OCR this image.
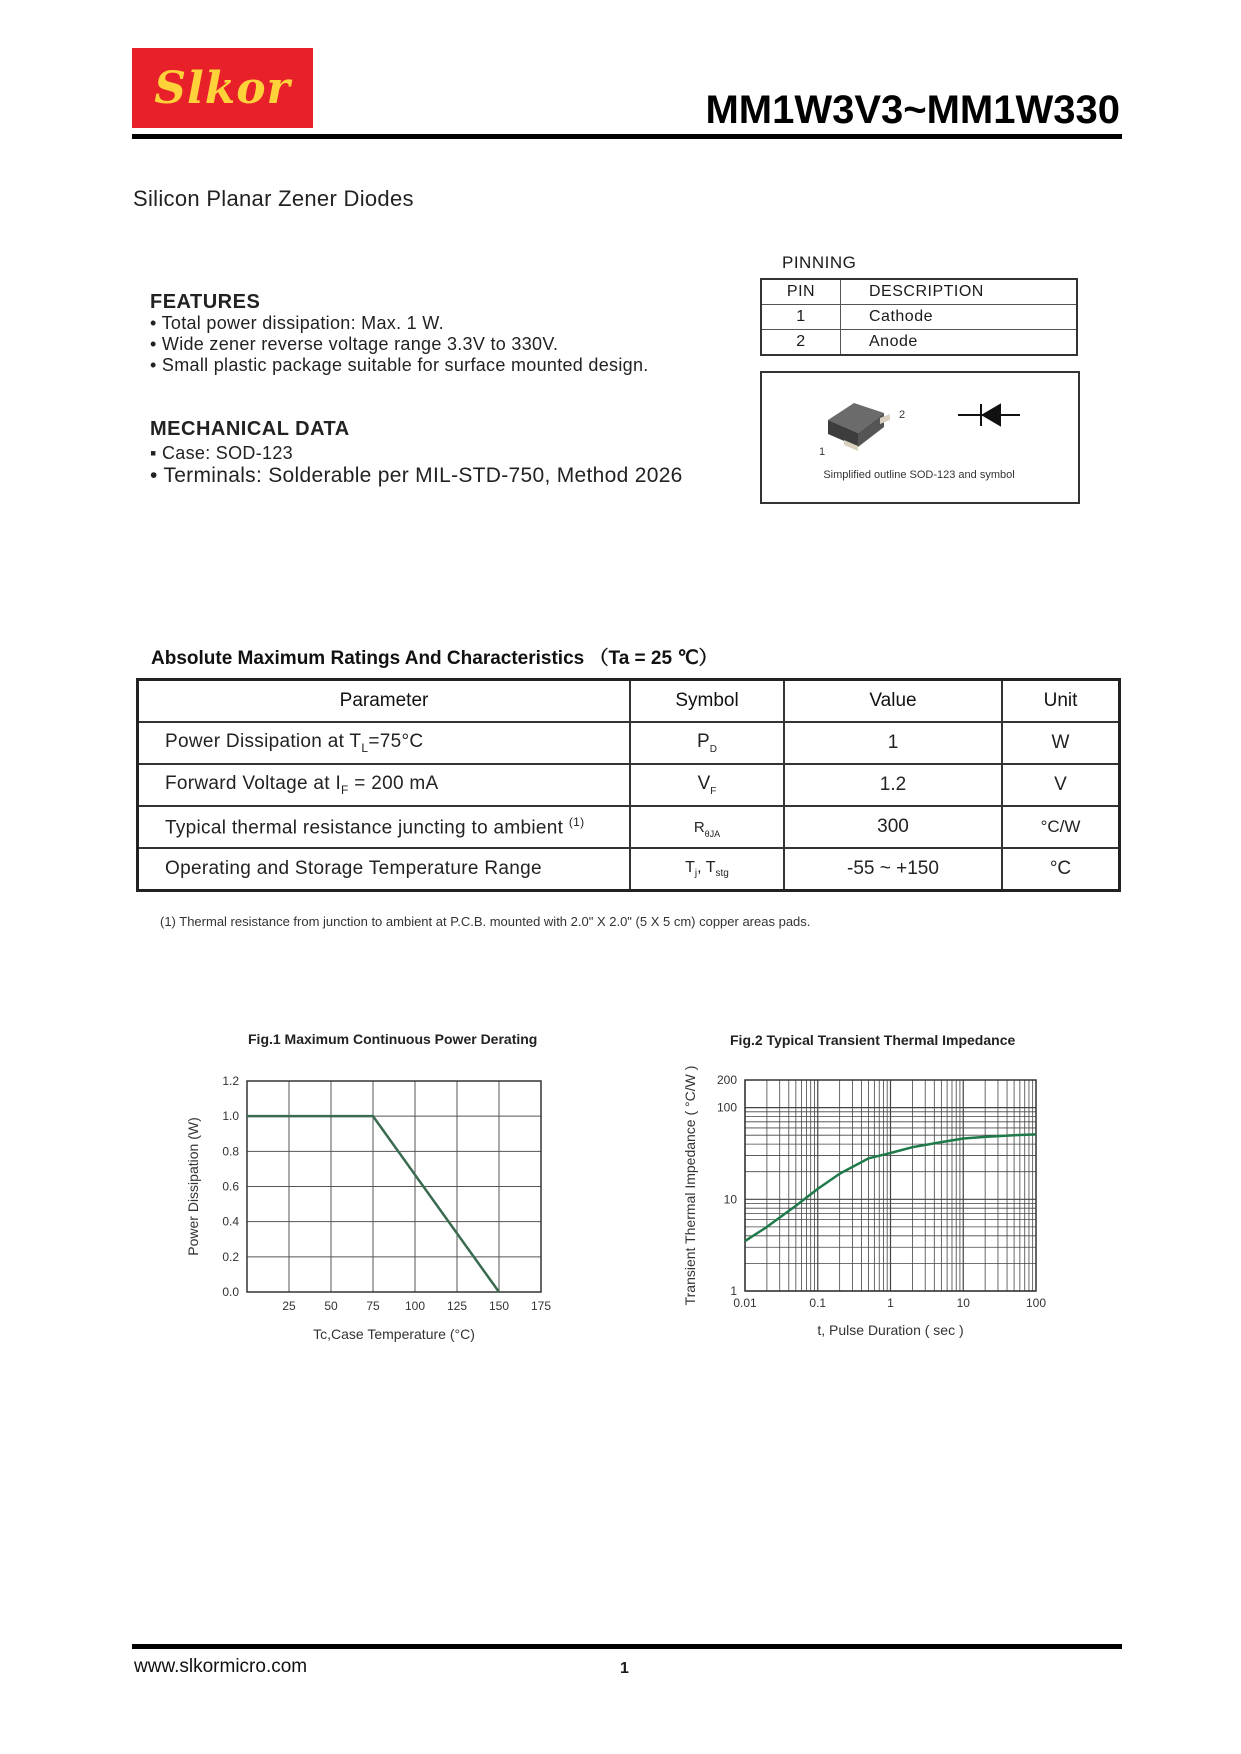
Slkor	MM1W3V3~MM1W330
Silicon Planar Zener Diodes
FEATURES
• Total power dissipation: Max. 1 W.
• Wide zener reverse voltage range 3.3V to 330V.
• Small plastic package suitable for surface mounted design.
MECHANICAL DATA
▪ Case: SOD-123
• Terminals: Solderable per MIL-STD-750, Method 2026
PINNING
PIN	DESCRIPTION
1	Cathode
2	Anode
2
1
Simplified outline SOD-123 and symbol
Absolute Maximum Ratings And Characteristics （Ta = 25 ℃）
Parameter	Symbol	Value	Unit
Power Dissipation at $T_L=75^\circ C$	$P_D$	1	W
Forward Voltage at $I_F = 200$ mA	$V_F$	1.2	V
Typical thermal resistance juncting to ambient $^{(1)}$	$R_{\theta JA}$	300	°C/W
Operating and Storage Temperature Range	$T_j$, $T_{stg}$	-55 ~ +150	°C
(1) Thermal resistance from junction to ambient at P.C.B. mounted with 2.0" X 2.0" (5 X 5 cm) copper areas pads.
Fig.1 Maximum Continuous Power Derating
25 50 75 100 125 150 175
0.0
0.2
0.4
0.6
0.8
1.0
1.2
Tc,Case Temperature (°C)
Power Dissipation (W)
Fig.2 Typical Transient Thermal Impedance
0.01	0.1	1	10	100
1
10
100
200
t, Pulse Duration ( sec )
Transient Thermal Impedance ( °C/W )
www.slkormicro.com	1
